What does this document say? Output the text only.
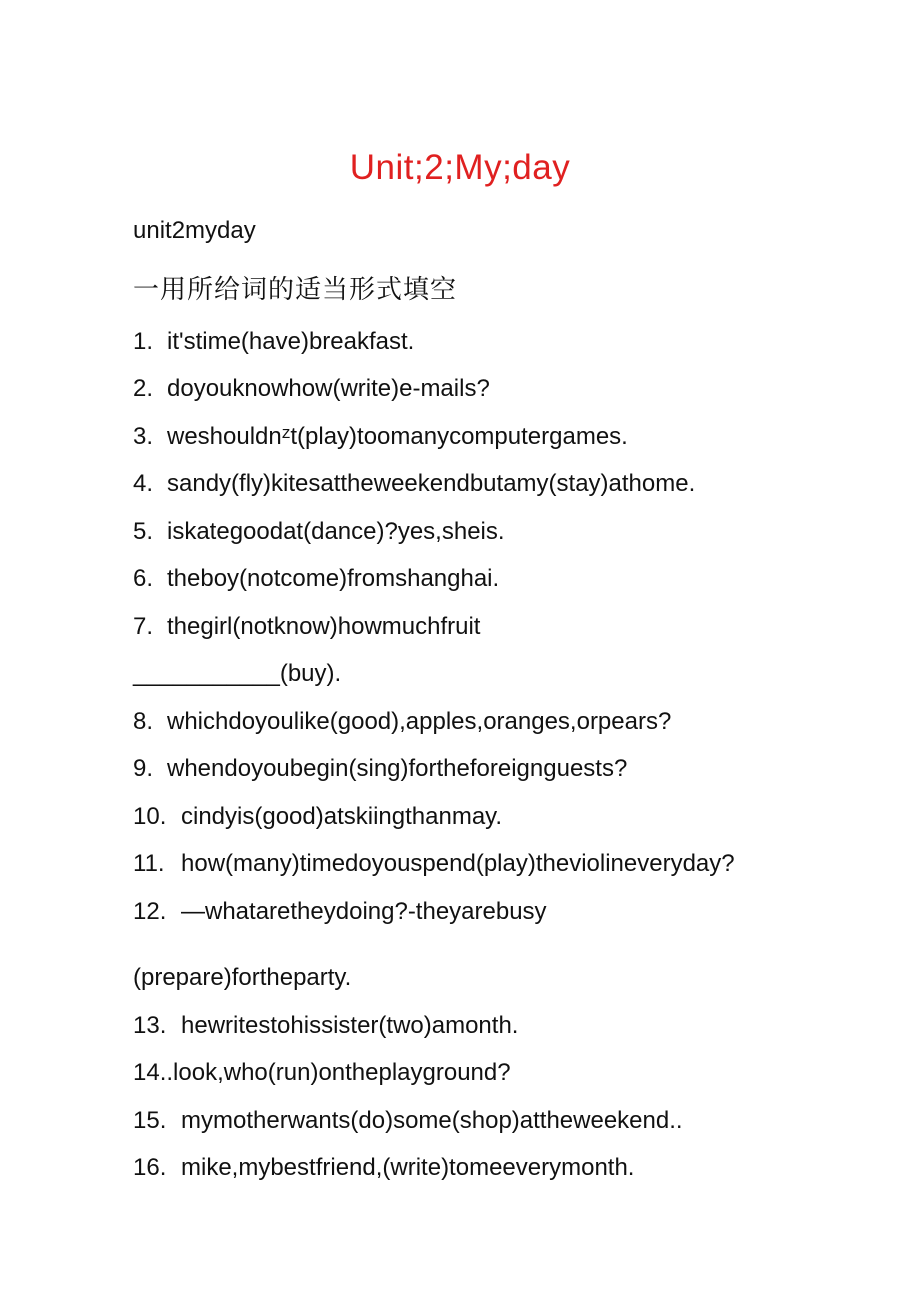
Unit;2;My;day
unit2myday
一用所给词的适当形式填空
1. it'stime(have)breakfast.
2. doyouknowhow(write)e-mails?
3. weshouldnᶻt(play)toomanycomputergames.
4. sandy(fly)kitesattheweekendbutamy(stay)athome.
5. iskategoodat(dance)?yes,sheis.
6. theboy(notcome)fromshanghai.
7. thegirl(notknow)howmuchfruit
___________(buy).
8. whichdoyoulike(good),apples,oranges,orpears?
9. whendoyoubegin(sing)fortheforeignguests?
10. cindyis(good)atskiingthanmay.
11. how(many)timedoyouspend(play)theviolineveryday?
12. —whataretheydoing?-theyarebusy
(prepare)fortheparty.
13. hewritestohissister(two)amonth.
14..look,who(run)ontheplayground?
15. mymotherwants(do)some(shop)attheweekend..
16. mike,mybestfriend,(write)tomeeverymonth.
